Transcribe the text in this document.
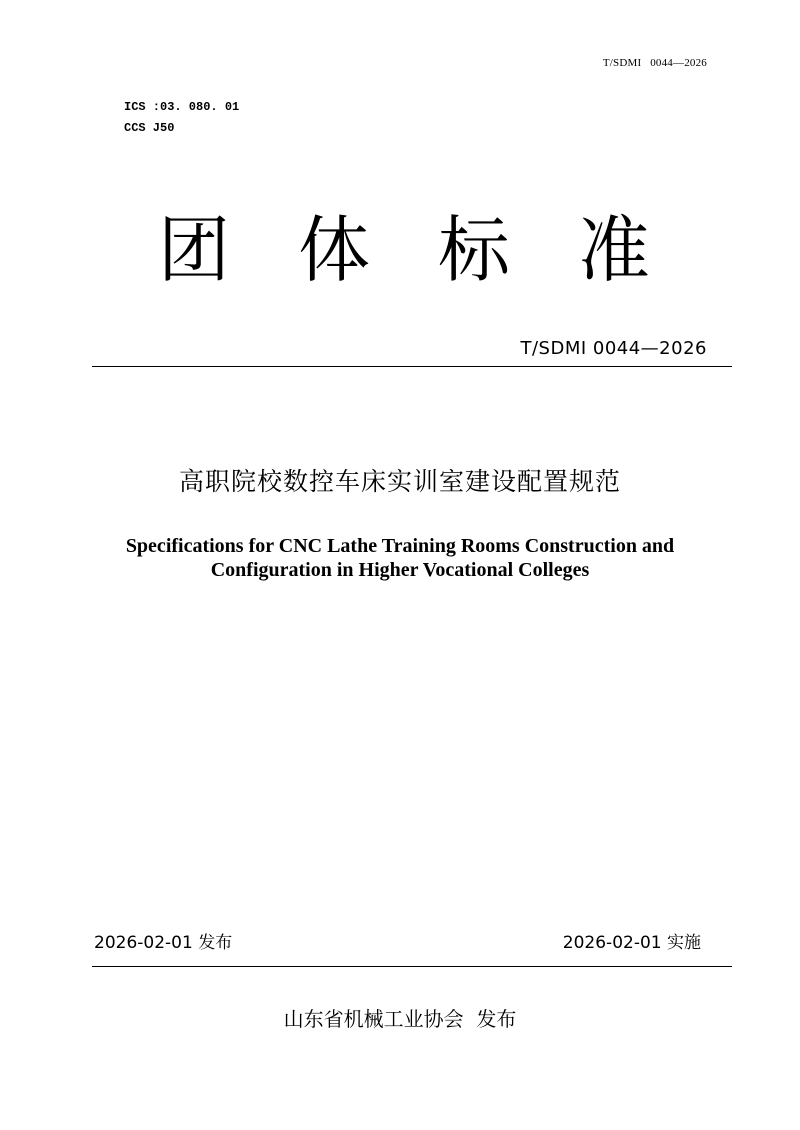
T/SDMI   0044—2026
ICS :03. 080. 01
CCS J50
团 体 标 准
T/SDMI 0044—2026
高职院校数控车床实训室建设配置规范
Specifications for CNC Lathe Training Rooms Construction and
Configuration in Higher Vocational Colleges
2026-02-01 发布	2026-02-01 实施
山东省机械工业协会  发布
